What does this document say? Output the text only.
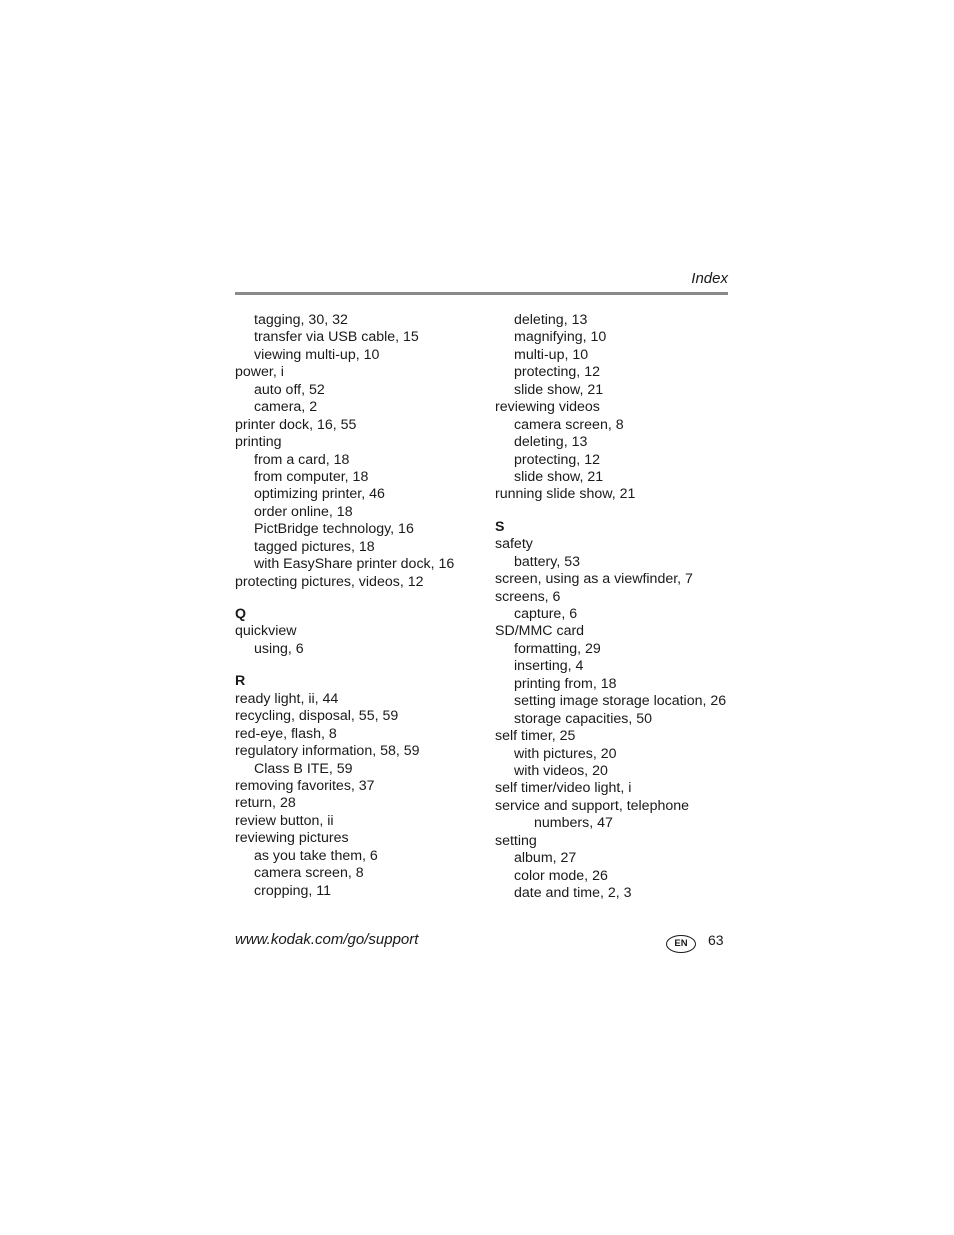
Index
tagging, 30, 32
transfer via USB cable, 15
viewing multi-up, 10
power, i
auto off, 52
camera, 2
printer dock, 16, 55
printing
from a card, 18
from computer, 18
optimizing printer, 46
order online, 18
PictBridge technology, 16
tagged pictures, 18
with EasyShare printer dock, 16
protecting pictures, videos, 12
Q
quickview
using, 6
R
ready light, ii, 44
recycling, disposal, 55, 59
red-eye, flash, 8
regulatory information, 58, 59
Class B ITE, 59
removing favorites, 37
return, 28
review button, ii
reviewing pictures
as you take them, 6
camera screen, 8
cropping, 11
deleting, 13
magnifying, 10
multi-up, 10
protecting, 12
slide show, 21
reviewing videos
camera screen, 8
deleting, 13
protecting, 12
slide show, 21
running slide show, 21
S
safety
battery, 53
screen, using as a viewfinder, 7
screens, 6
capture, 6
SD/MMC card
formatting, 29
inserting, 4
printing from, 18
setting image storage location, 26
storage capacities, 50
self timer, 25
with pictures, 20
with videos, 20
self timer/video light, i
service and support, telephone
numbers, 47
setting
album, 27
color mode, 26
date and time, 2, 3
www.kodak.com/go/support	EN	63
